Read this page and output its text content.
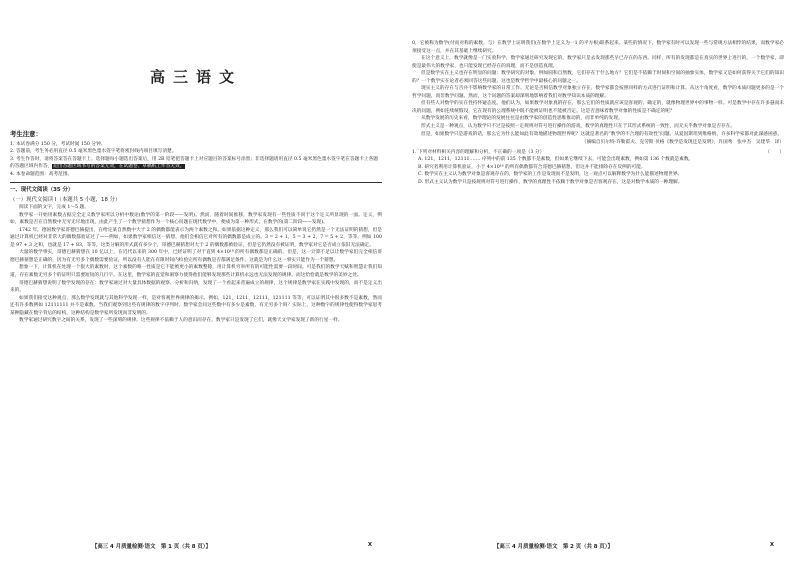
高三语文
考生注意：
1. 本试卷满分 150 分，考试时间 150 分钟。
2. 答题前，考生务必用直径 0.5 毫米黑色墨水签字笔将密封线内项目填写清楚。
3. 考生作答时，请将答案答在答题卡上。选择题每小题选出答案后，用 2B 铅笔把答题卡上对应题目的答案标号涂黑；非选择题请用直径 0.5 毫米黑色墨水签字笔在答题卡上各题的答题区域内作答，超出答题区域书写的答案无效，在试题卷、草稿纸上作答无效。
4. 本卷命题范围：高考范围。
一、现代文阅读（35 分）
（一）现代文阅读 Ⅰ（本题共 5 小题，18 分）
阅读下面的文字，完成 1～5 题。
数学家一开始用素数占据完全定义数学家所以分析中数论(数学的第一阶段——发明)。然而，随着时间推移，数学家发现有一些性质不同于这个定义所显现的一面。定义，例如，素数是否在自然数中无穷无尽地出现，由此产生了一个数学猜想作为一个核心问题在现代数学中，便成为第一种形式，在数学的(第二阶段——发现)。
1742 年，德国数学家哥德巴赫提出，在给定某自然数中大于 2 的偶数都能表示为两个素数之和。如果依据这种定义，那么我们可以简单说它仍然是一个无法证明的猜想，但是通过计算机已经对非常大的偶数都验证过了——例如，如果数学家相信这一猜想，他们会相信它对所有的偶数都是成立的。3 = 2 + 1，5 = 3 + 2，7 = 5 + 2，等等。例如 100 是 97 + 3 之和，也就是 17 + 83，等等，这类分解的形式就有多少个，哥德巴赫猜想对大于 2 的偶数都被验证，但是它仍然没有被证明，数学家对它是否成立依旧无法确定。
大量的数学事实，哥德巴赫猜想在 10 亿以上，在近代以来的 300 年中，已经证明了对于直到 4×10¹⁸ 的所有偶数都是正确的。但是，这一计算不足以让数学家们完全相信哥德巴赫猜想是正确的，因为有无穷多个偶数需要验证，所以没有人能在有限时间内检验完所有偶数是否都满足条件，这就是为什么这一事实只能作为一个猜想。
想象一下，计算机在处理一个很大的素数时，这个素数的唯一性质是它不能被更小的素数整除，用计算机穷举所有的可能性需要一段时间。可是我们的数学天赋和智慧让我们知道，存在素数无穷多个的证明只需要短短的几行字。在这里，数学家的直觉和洞察力使得他们能够发现那些计算机永远也无法发现的规律。而这恰恰就是数学的美妙之处。
哥德巴赫猜想说明了数学发现的存在：数学家通过对大量具体数据的观察、分析和归纳，发现了一个看起来普遍成立的规律，这个规律是数学家在实践中发现的，而不是定义出来的。
如果我们接受这种观点，那么数学发现就与其他科学发现一样，是对客观世界规律的揭示。例如，121，1211，12111，121111 等等，可以证明其中很多数不是素数，然而还有许多数例如 12111111 并不是素数。当我们观察到这些有规律的数字序列时，数学家会问这些数中有多少是素数，有无穷多个吗？实际上，这种数字的规律性使得数学家思考某种隐藏在数字背后的结构，这种结构是数学家所发现而非发明的。
数学家通过研究数字之间的关系，发现了一些深刻的规律。这些规律不依赖于人的意识而存在，数学家只是发现了它们，就像天文学家发现了新的行星一样。
【高三 4 月质量检测·语文　第 1 页（共 8 页）】	X
0，它被称为数学(付而对称的素数。与）在数学上证明我们(在数学上定义为一1 的平方根)联系起来。某些的情况下，数学家有时可以发现一些与常规方法相悖的结果，而数学家必须接受这一点，并在其基础上继续研究。
在这个意义上，数学就像是一门实验科学，数学家通过研究发现它的，数学家只是去发现那些早已存在的东西。同样，所有的发现都是在真实的世界上进行的，一个数学家，即使是最伟大的数学家，也只能发现已经存在的真理，而不是创造真理。
但是数学实在主义也存在明显的问题：数学研究的对象，例如圆和自然数，它们存在于什么地方？它们是不依赖于时间和空间的抽象实体，数学家又是如何获得关于它们的知识的？一个数学实在论者必须回答这些问题，这也是数学哲学中最核心的问题之一。
现实主义的存在与否并不影响数学家的日常工作。无论是否相信数学对象独立存在，数学家都会按照同样的方式进行证明和计算。从这个角度看，数学的本质问题更多的是一个哲学问题，而非数学问题。然而，这个问题的答案却深刻地影响着我们对数学知识本质的理解。
但有些人对数学的实在性持怀疑态度。他们认为，如果数学对象真的存在，那么它们的性质就应该是客观的、确定的，就像物理世界中的事物一样。可是数学中存在许多悬而未决的问题，例如连续统假设，它在现有的公理系统中既不能被证明也不能被否定。这是否意味着数学对象的性质是不确定的呢？
从数学发展的历史来看，数学理论的发展往往是由数学家的创造性思维推动的，而非单纯的发现。
形式主义是一种观点，认为数学只不过是按照一定规则对符号进行操作的游戏，数学的真理性只在于其形式系统的一致性，而无关乎数学对象是否存在。
但是，如果数学只是游戏的话，那么它为什么能如此有效地描述物理世界呢？这就是著名的“数学的不合理的有效性”问题。从爱因斯坦到维格纳，许多科学家都对此深感困惑。
（摘编自贝尔特·许勒霍夫、克劳斯·贝格《数学是发现还是发明》，许国秀　张中杰　吴建华　译）
1. 下列对材料相关内容的理解和分析，不正确的一项是（3 分）	（　　）
A. 121，1211，12111 …… 序列中的前 135 个数都不是素数，但如果它继续下去，可能会出现素数，例如第 136 个数就是素数。
B. 研究者利用计算机验证，小于 4×10¹⁸ 的所有偶数都符合哥德巴赫猜想，但这并不能排除存在反例的可能。
C. 数学实在主义认为数学对象是客观存在的，数学家的工作是发现而不是发明，这一观点可以解释数学为什么能描述物理世界。
D. 形式主义认为数学只是按规则对符号进行操作，数学的真理性不依赖于数学对象是否客观存在，这是对数学本质的一种理解。
【高三 4 月质量检测·语文　第 2 页（共 8 页）】	X
